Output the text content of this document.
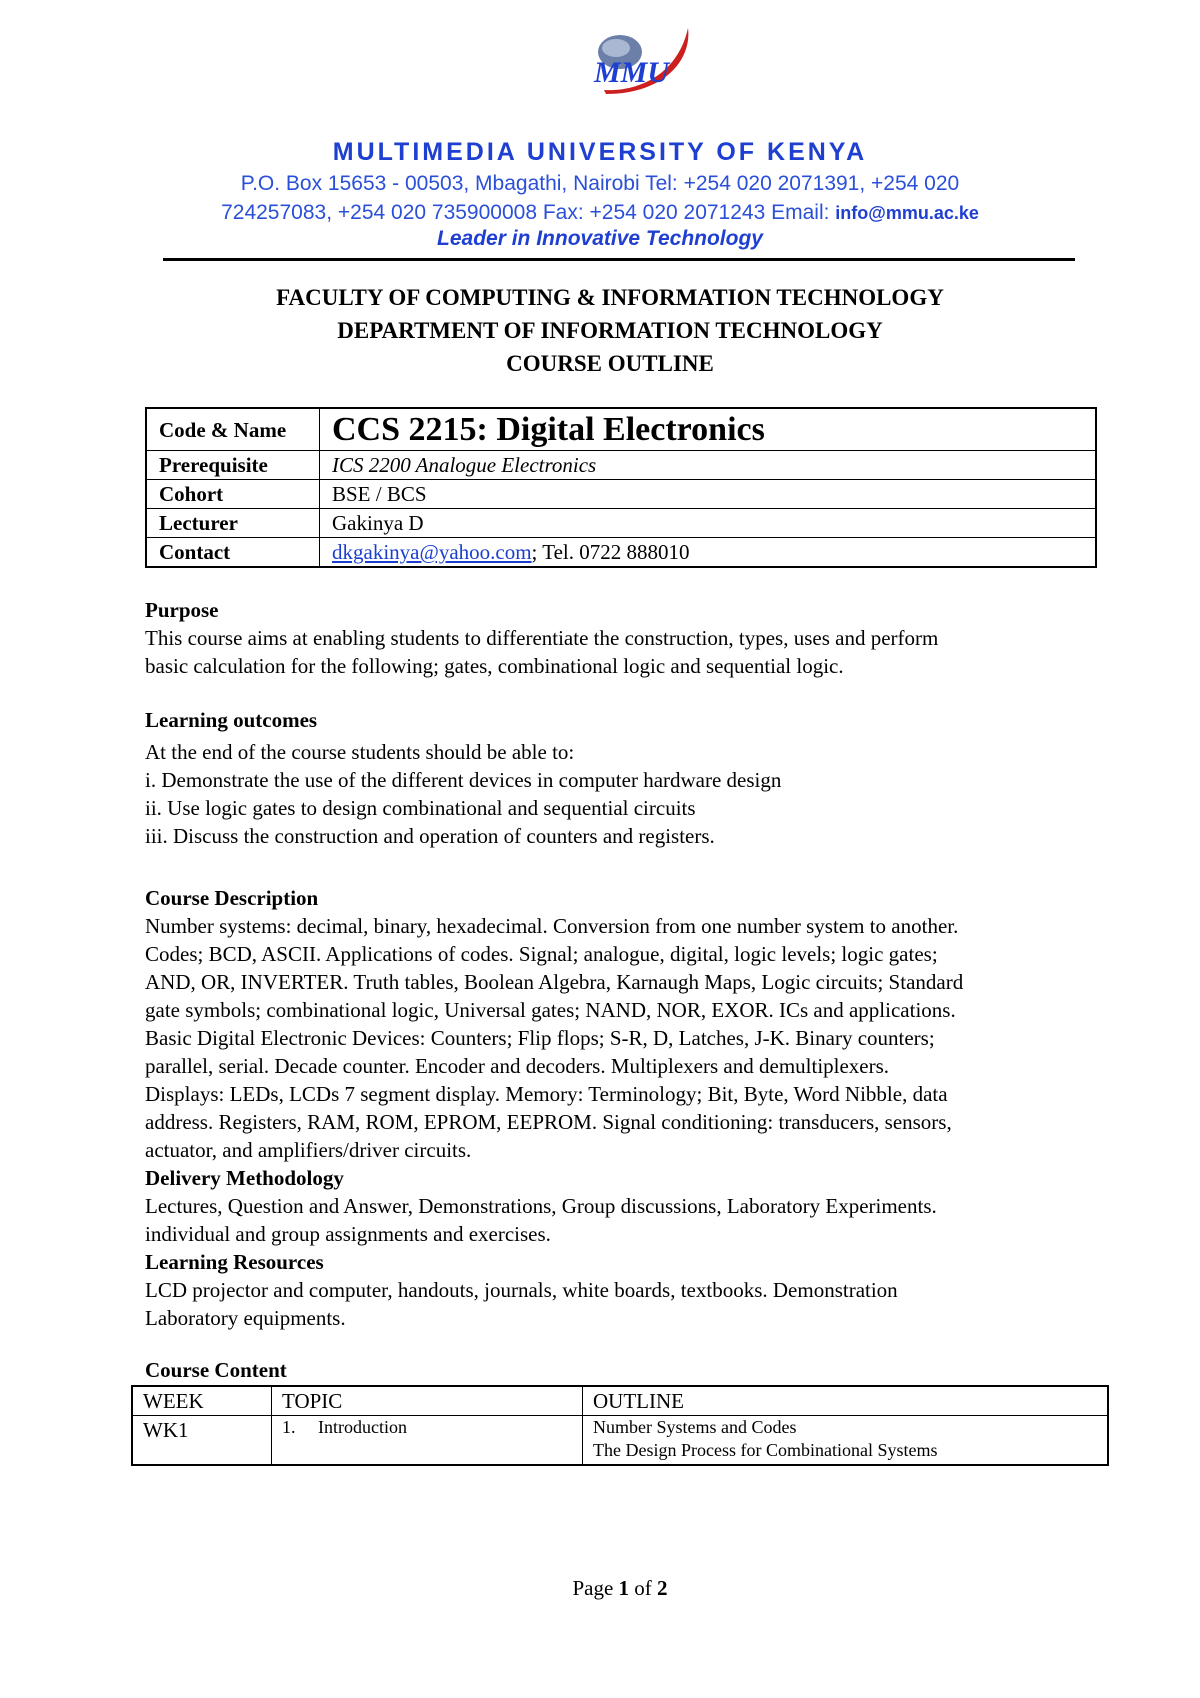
MMU
MULTIMEDIA UNIVERSITY OF KENYA
P.O. Box 15653 - 00503, Mbagathi, Nairobi Tel: +254 020 2071391, +254 020
724257083, +254 020 735900008 Fax: +254 020 2071243 Email: info@mmu.ac.ke
Leader in Innovative Technology
FACULTY OF COMPUTING & INFORMATION TECHNOLOGY
DEPARTMENT OF INFORMATION TECHNOLOGY
COURSE OUTLINE
Code & Name	CCS 2215: Digital Electronics
Prerequisite	ICS 2200 Analogue Electronics
Cohort	BSE / BCS
Lecturer	Gakinya D
Contact	dkgakinya@yahoo.com; Tel. 0722 888010
Purpose
This course aims at enabling students to differentiate the construction, types, uses and perform
basic calculation for the following; gates, combinational logic and sequential logic.
Learning outcomes
At the end of the course students should be able to:
i. Demonstrate the use of the different devices in computer hardware design
ii. Use logic gates to design combinational and sequential circuits
iii. Discuss the construction and operation of counters and registers.
Course Description
Number systems: decimal, binary, hexadecimal. Conversion from one number system to another.
Codes; BCD, ASCII. Applications of codes. Signal; analogue, digital, logic levels; logic gates;
AND, OR, INVERTER. Truth tables, Boolean Algebra, Karnaugh Maps, Logic circuits; Standard
gate symbols; combinational logic, Universal gates; NAND, NOR, EXOR. ICs and applications.
Basic Digital Electronic Devices: Counters; Flip flops; S-R, D, Latches, J-K. Binary counters;
parallel, serial. Decade counter. Encoder and decoders. Multiplexers and demultiplexers.
Displays: LEDs, LCDs 7 segment display. Memory: Terminology; Bit, Byte, Word Nibble, data
address. Registers, RAM, ROM, EPROM, EEPROM. Signal conditioning: transducers, sensors,
actuator, and amplifiers/driver circuits.
Delivery Methodology
Lectures, Question and Answer, Demonstrations, Group discussions, Laboratory Experiments.
individual and group assignments and exercises.
Learning Resources
LCD projector and computer, handouts, journals, white boards, textbooks. Demonstration
Laboratory equipments.
Course Content
WEEK	TOPIC	OUTLINE
WK1	1. Introduction	Number Systems and Codes
The Design Process for Combinational Systems
Page 1 of 2
